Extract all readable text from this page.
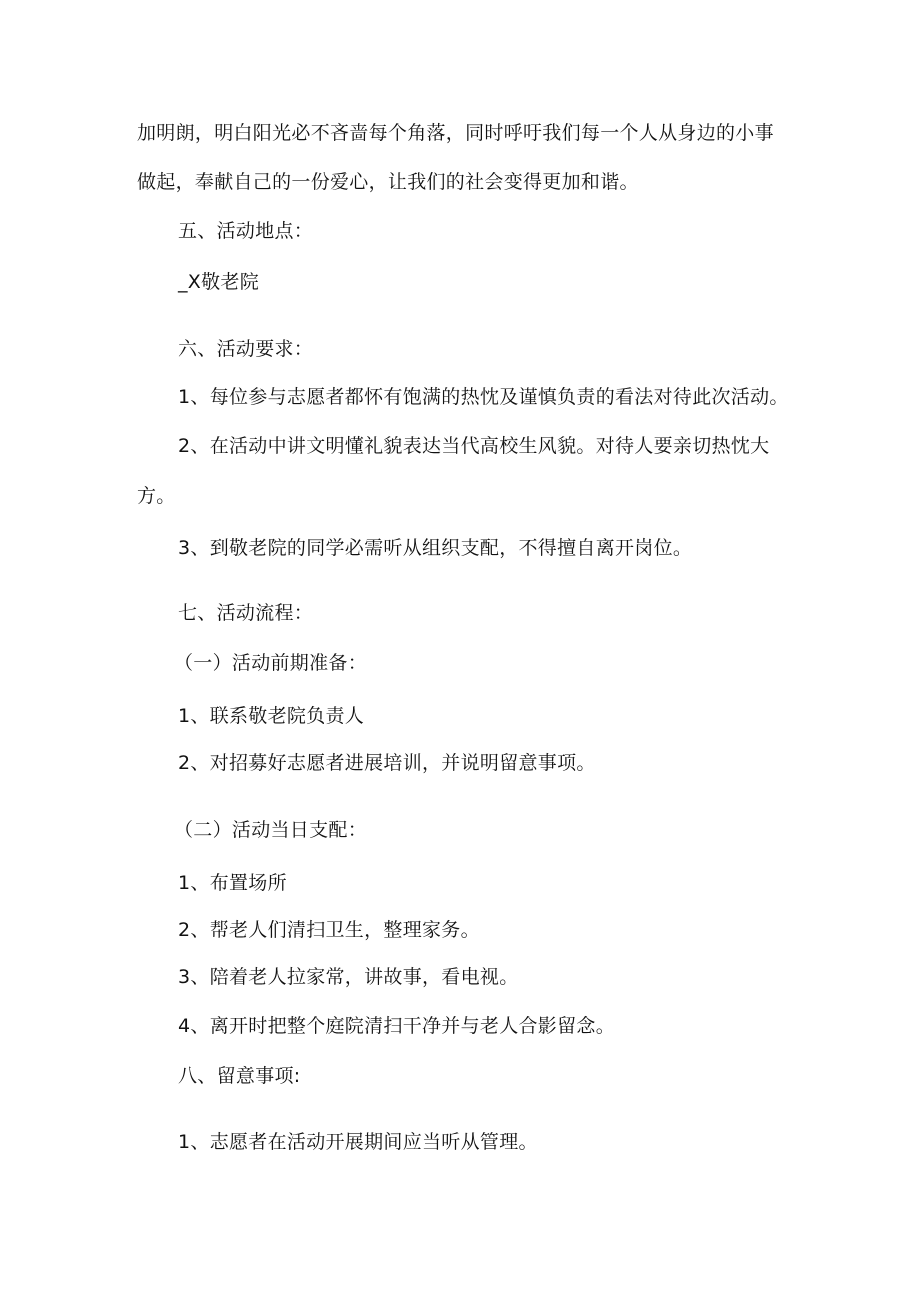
加明朗，明白阳光必不吝啬每个角落，同时呼吁我们每一个人从身边的小事
做起，奉献自己的一份爱心，让我们的社会变得更加和谐。
五、活动地点：
_X敬老院
六、活动要求：
1、每位参与志愿者都怀有饱满的热忱及谨慎负责的看法对待此次活动。
2、在活动中讲文明懂礼貌表达当代高校生风貌。对待人要亲切热忱大
方。
3、到敬老院的同学必需听从组织支配，不得擅自离开岗位。
七、活动流程：
（一）活动前期准备：
1、联系敬老院负责人
2、对招募好志愿者进展培训，并说明留意事项。
（二）活动当日支配：
1、布置场所
2、帮老人们清扫卫生，整理家务。
3、陪着老人拉家常，讲故事，看电视。
4、离开时把整个庭院清扫干净并与老人合影留念。
八、留意事项:
1、志愿者在活动开展期间应当听从管理。
